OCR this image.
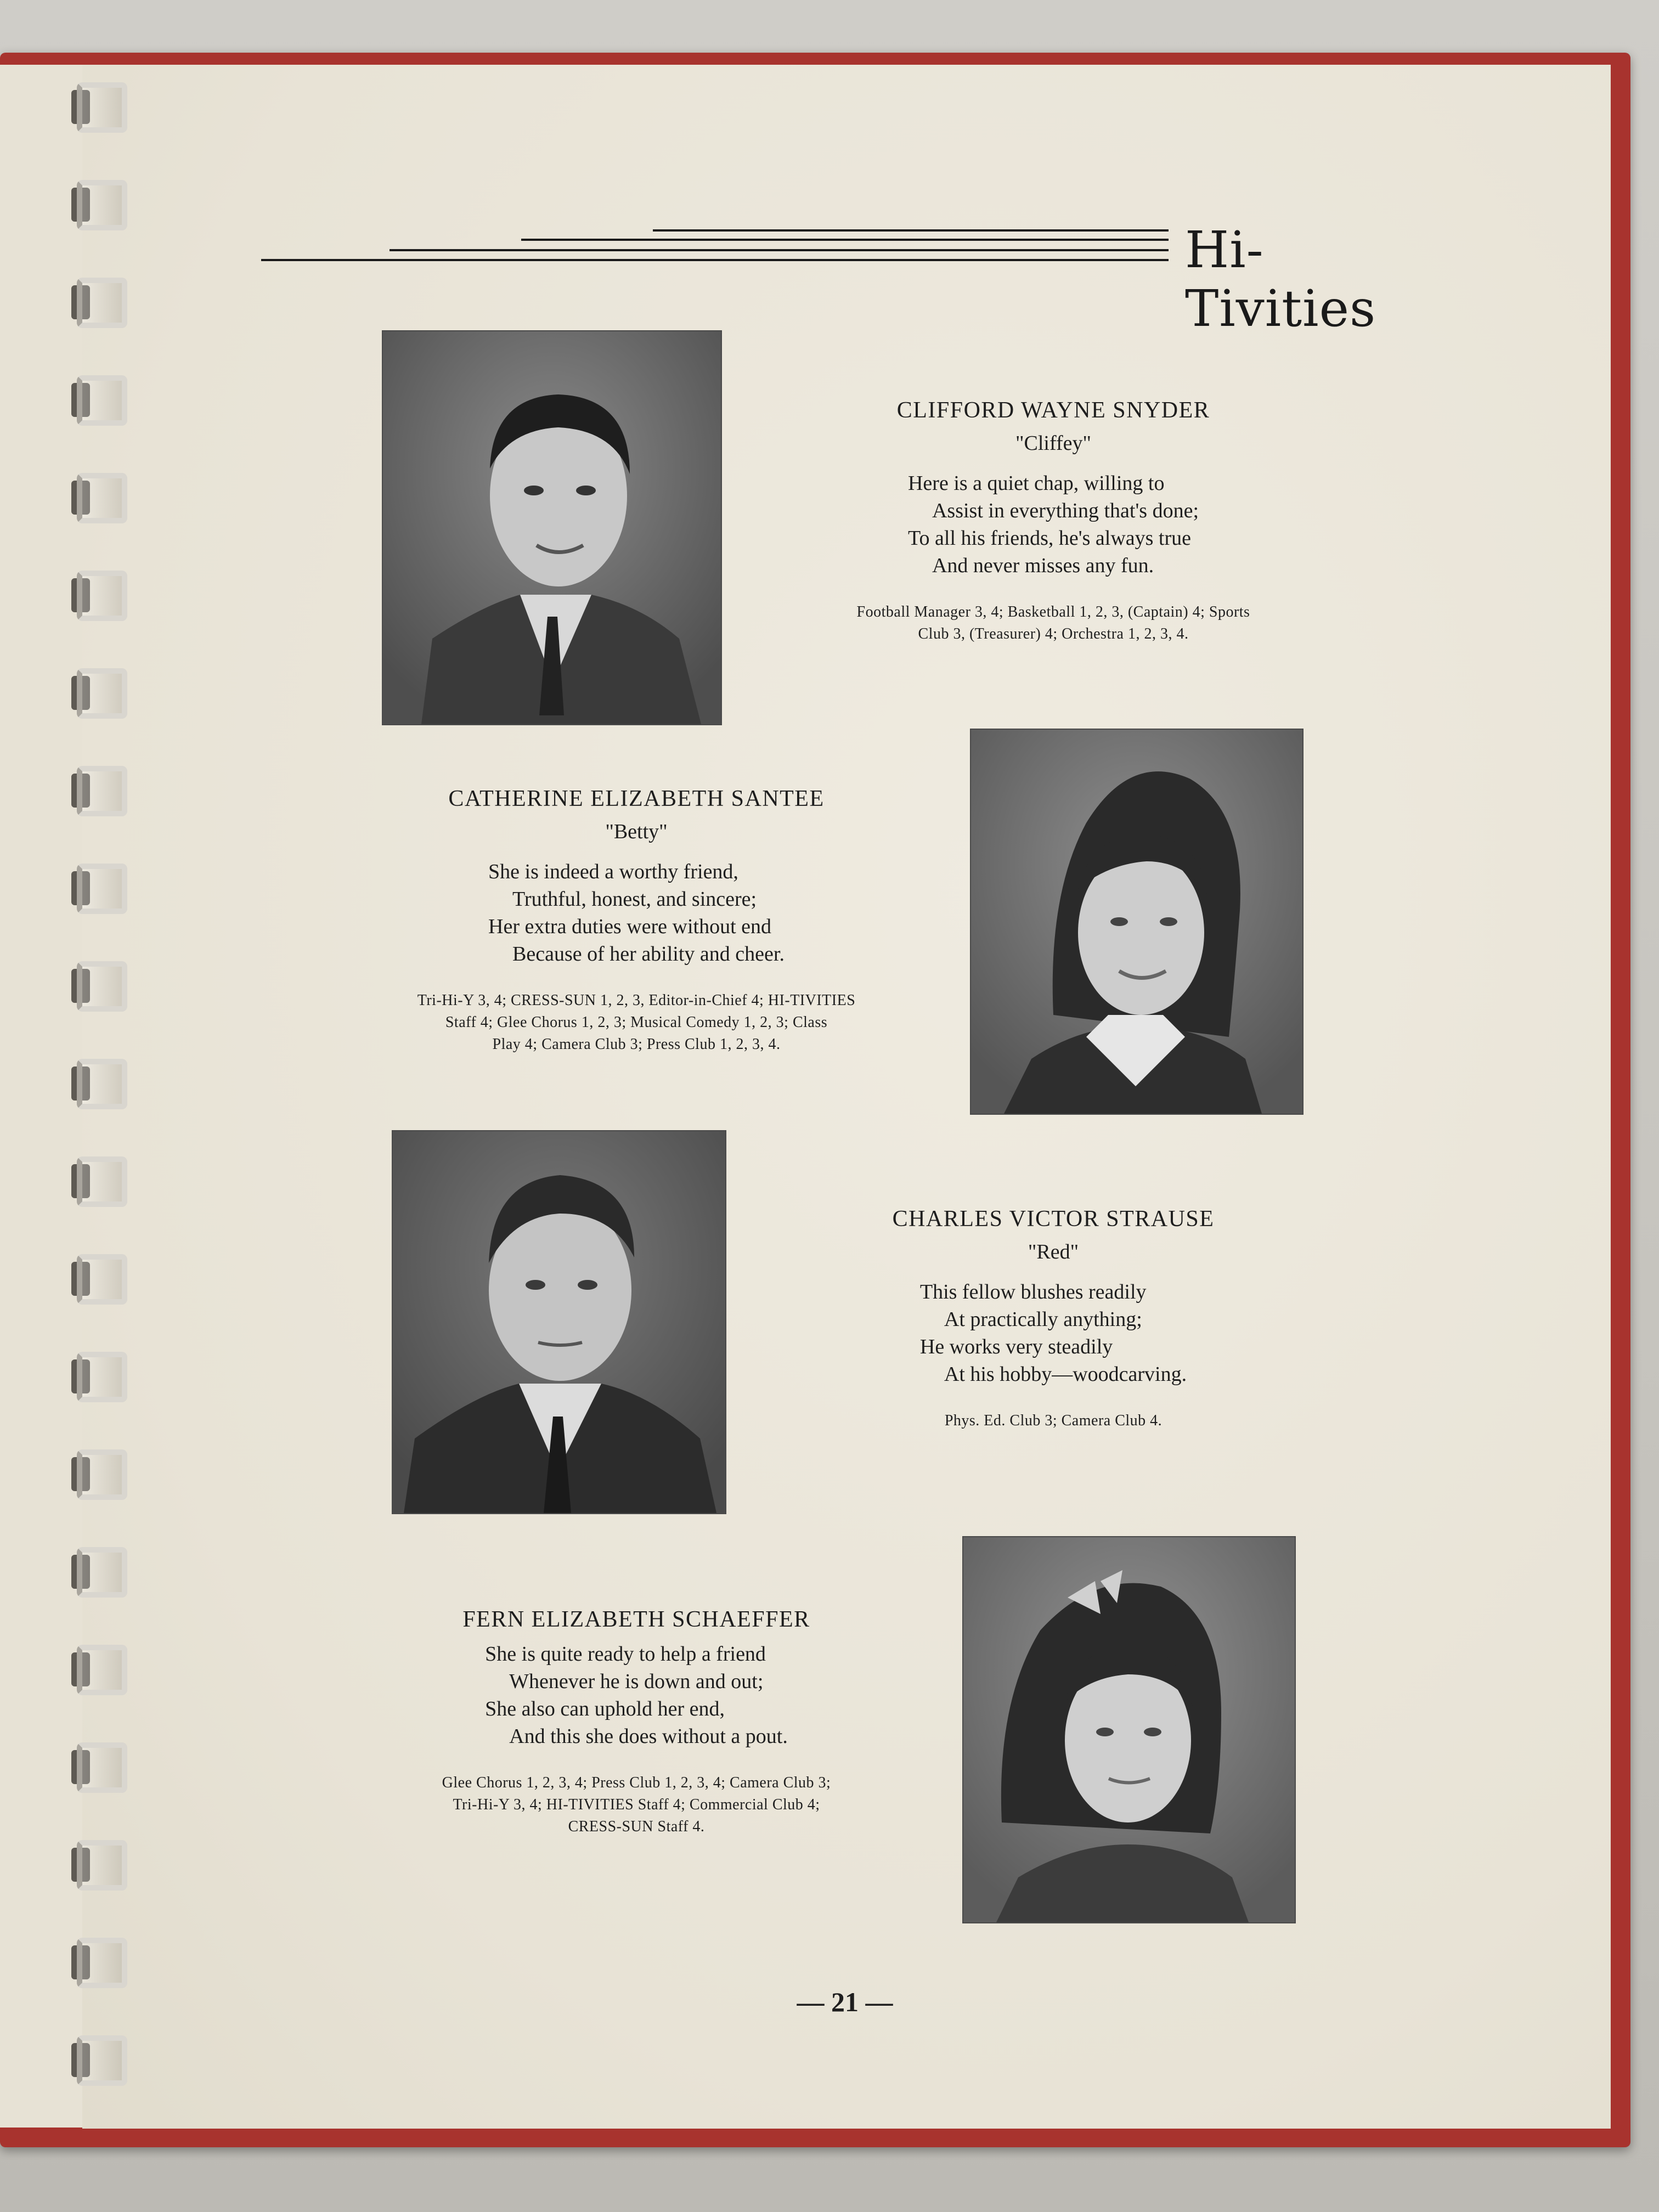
Hi-Tivities
CLIFFORD WAYNE SNYDER
"Cliffey"
Here is a quiet chap, willing to
Assist in everything that's done;
To all his friends, he's always true
And never misses any fun.
Football Manager 3, 4; Basketball 1, 2, 3, (Captain) 4; Sports
Club 3, (Treasurer) 4; Orchestra 1, 2, 3, 4.
CATHERINE ELIZABETH SANTEE
"Betty"
She is indeed a worthy friend,
Truthful, honest, and sincere;
Her extra duties were without end
Because of her ability and cheer.
Tri-Hi-Y 3, 4; CRESS-SUN 1, 2, 3, Editor-in-Chief 4; HI-TIVITIES
Staff 4; Glee Chorus 1, 2, 3; Musical Comedy 1, 2, 3; Class
Play 4; Camera Club 3; Press Club 1, 2, 3, 4.
CHARLES VICTOR STRAUSE
"Red"
This fellow blushes readily
At practically anything;
He works very steadily
At his hobby—woodcarving.
Phys. Ed. Club 3; Camera Club 4.
FERN ELIZABETH SCHAEFFER
She is quite ready to help a friend
Whenever he is down and out;
She also can uphold her end,
And this she does without a pout.
Glee Chorus 1, 2, 3, 4; Press Club 1, 2, 3, 4; Camera Club 3;
Tri-Hi-Y 3, 4; HI-TIVITIES Staff 4; Commercial Club 4;
CRESS-SUN Staff 4.
— 21 —
